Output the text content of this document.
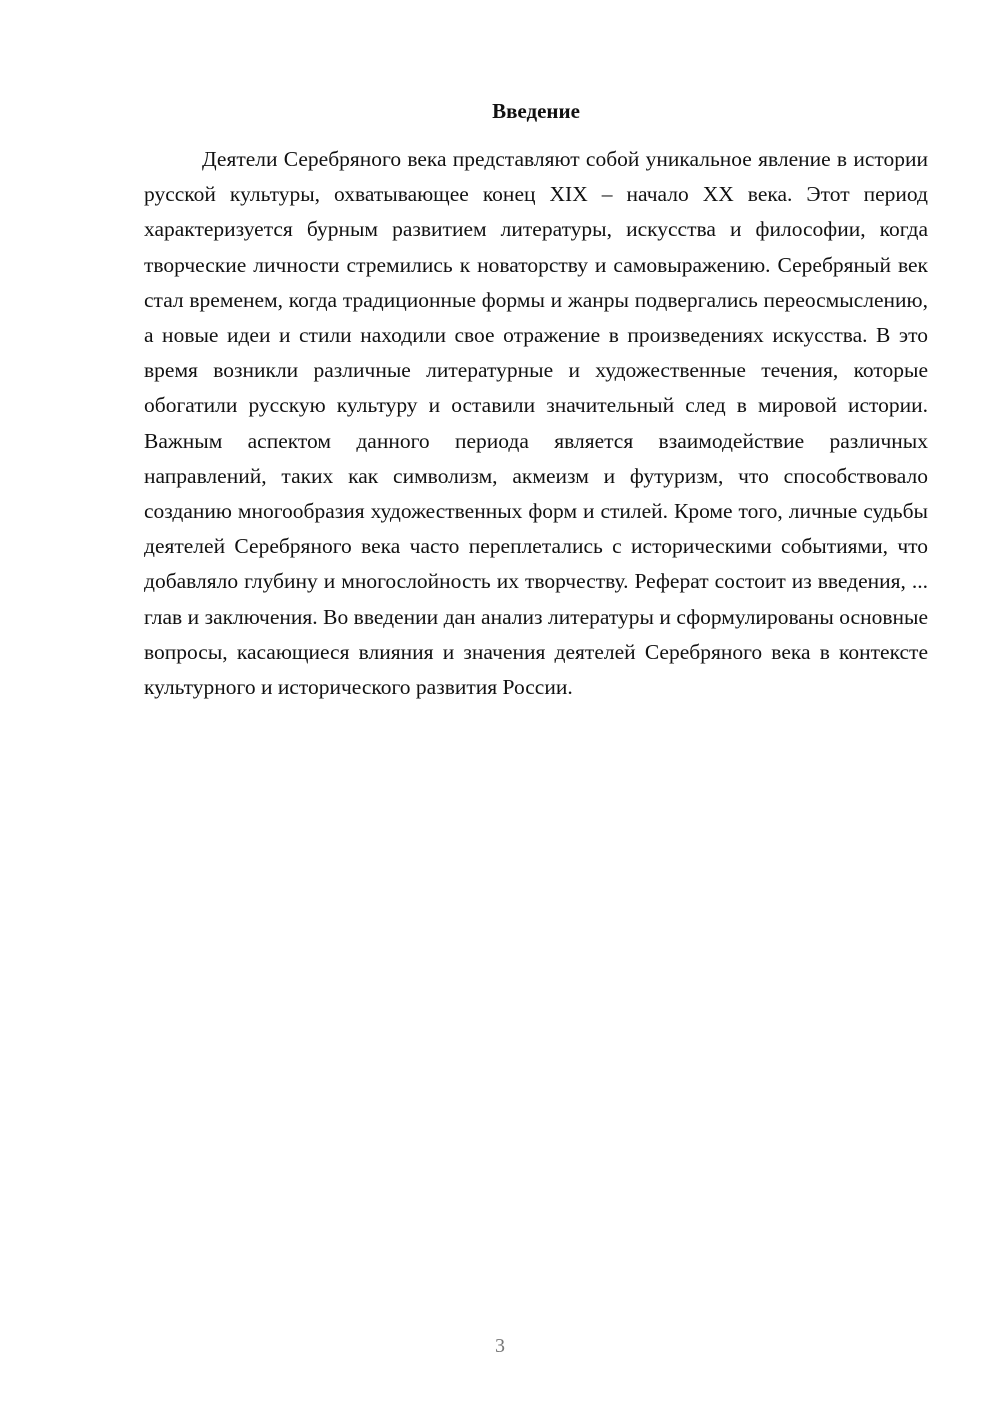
Введение

Деятели Серебряного века представляют собой уникальное явление в истории русской культуры, охватывающее конец XIX – начало XX века. Этот период характеризуется бурным развитием литературы, искусства и философии, когда творческие личности стремились к новаторству и самовыражению. Серебряный век стал временем, когда традиционные формы и жанры подвергались переосмыслению, а новые идеи и стили находили свое отражение в произведениях искусства. В это время возникли различные литературные и художественные течения, которые обогатили русскую культуру и оставили значительный след в мировой истории. Важным аспектом данного периода является взаимодействие различных направлений, таких как символизм, акмеизм и футуризм, что способствовало созданию многообразия художественных форм и стилей. Кроме того, личные судьбы деятелей Серебряного века часто переплетались с историческими событиями, что добавляло глубину и многослойность их творчеству. Реферат состоит из введения, ... глав и заключения. Во введении дан анализ литературы и сформулированы основные вопросы, касающиеся влияния и значения деятелей Серебряного века в контексте культурного и исторического развития России.

3
